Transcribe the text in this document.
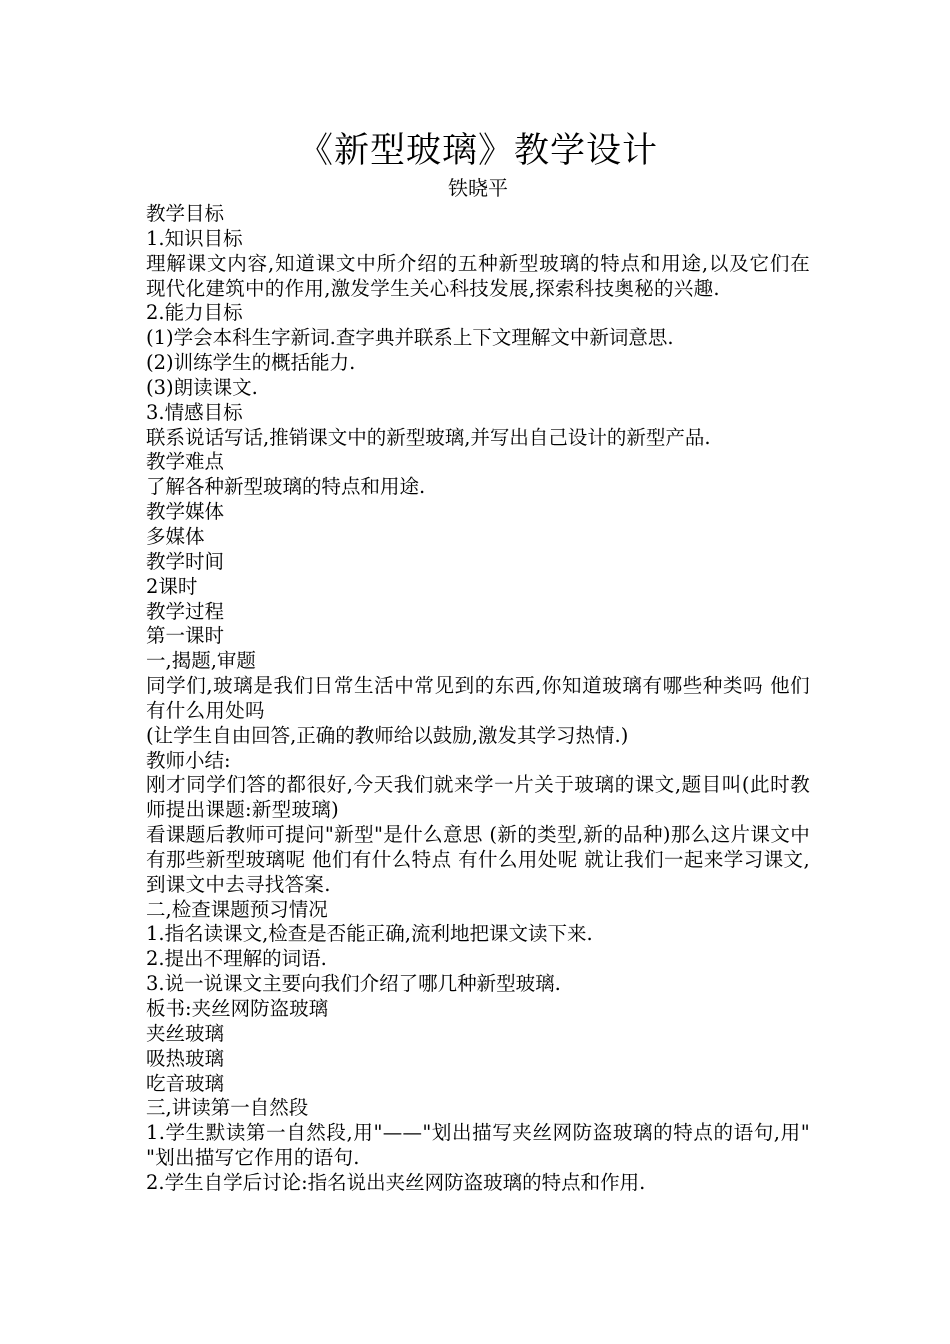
《新型玻璃》教学设计
铁晓平

教学目标

1.知识目标

理解课文内容,知道课文中所介绍的五种新型玻璃的特点和用途,以及它们在现代化建筑中的作用,激发学生关心科技发展,探索科技奥秘的兴趣.

2.能力目标

(1)学会本科生字新词.查字典并联系上下文理解文中新词意思.

(2)训练学生的概括能力.

(3)朗读课文.

3.情感目标

联系说话写话,推销课文中的新型玻璃,并写出自己设计的新型产品.

教学难点

了解各种新型玻璃的特点和用途.

教学媒体

多媒体

教学时间

2课时

教学过程

第一课时

一,揭题,审题

同学们,玻璃是我们日常生活中常见到的东西,你知道玻璃有哪些种类吗 他们有什么用处吗

(让学生自由回答,正确的教师给以鼓励,激发其学习热情.)

教师小结:

刚才同学们答的都很好,今天我们就来学一片关于玻璃的课文,题目叫(此时教师提出课题:新型玻璃)

看课题后教师可提问"新型"是什么意思 (新的类型,新的品种)那么这片课文中有那些新型玻璃呢 他们有什么特点 有什么用处呢 就让我们一起来学习课文,到课文中去寻找答案.

二,检查课题预习情况

1.指名读课文,检查是否能正确,流利地把课文读下来.

2.提出不理解的词语.

3.说一说课文主要向我们介绍了哪几种新型玻璃.

板书:夹丝网防盗玻璃

夹丝玻璃

吸热玻璃

吃音玻璃

三,讲读第一自然段

1.学生默读第一自然段,用"——"划出描写夹丝网防盗玻璃的特点的语句,用" "划出描写它作用的语句.

2.学生自学后讨论:指名说出夹丝网防盗玻璃的特点和作用.
